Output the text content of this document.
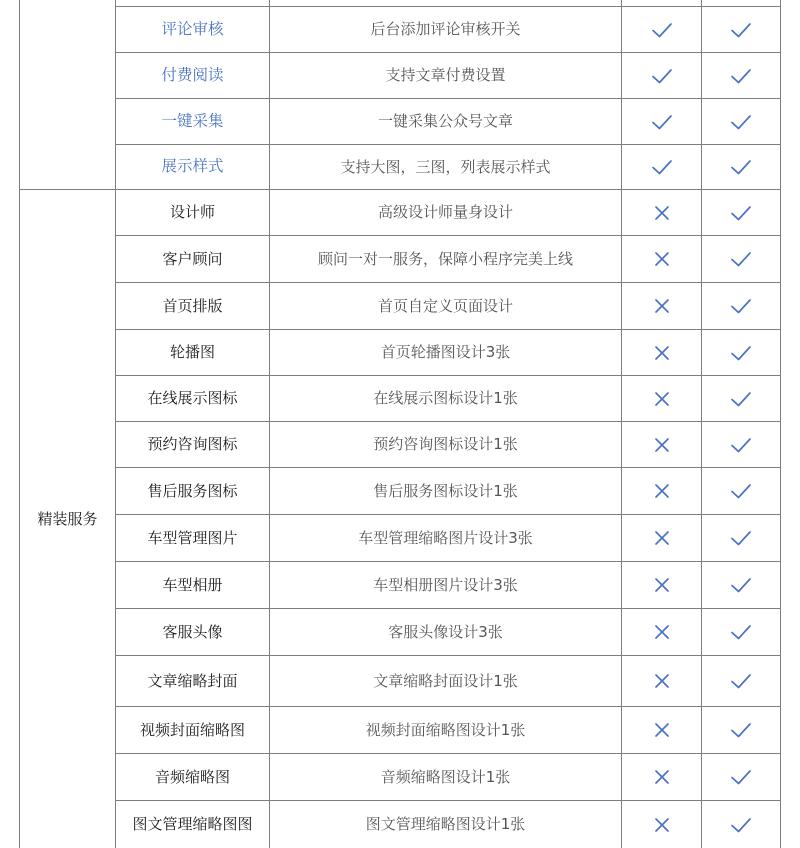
评论审核	后台添加评论审核开关
付费阅读	支持文章付费设置
一键采集	一键采集公众号文章
展示样式	支持大图，三图，列表展示样式
精装服务
设计师	高级设计师量身设计
客户顾问	顾问一对一服务，保障小程序完美上线
首页排版	首页自定义页面设计
轮播图	首页轮播图设计3张
在线展示图标	在线展示图标设计1张
预约咨询图标	预约咨询图标设计1张
售后服务图标	售后服务图标设计1张
车型管理图片	车型管理缩略图片设计3张
车型相册	车型相册图片设计3张
客服头像	客服头像设计3张
文章缩略封面	文章缩略封面设计1张
视频封面缩略图	视频封面缩略图设计1张
音频缩略图	音频缩略图设计1张
图文管理缩略图图	图文管理缩略图设计1张
